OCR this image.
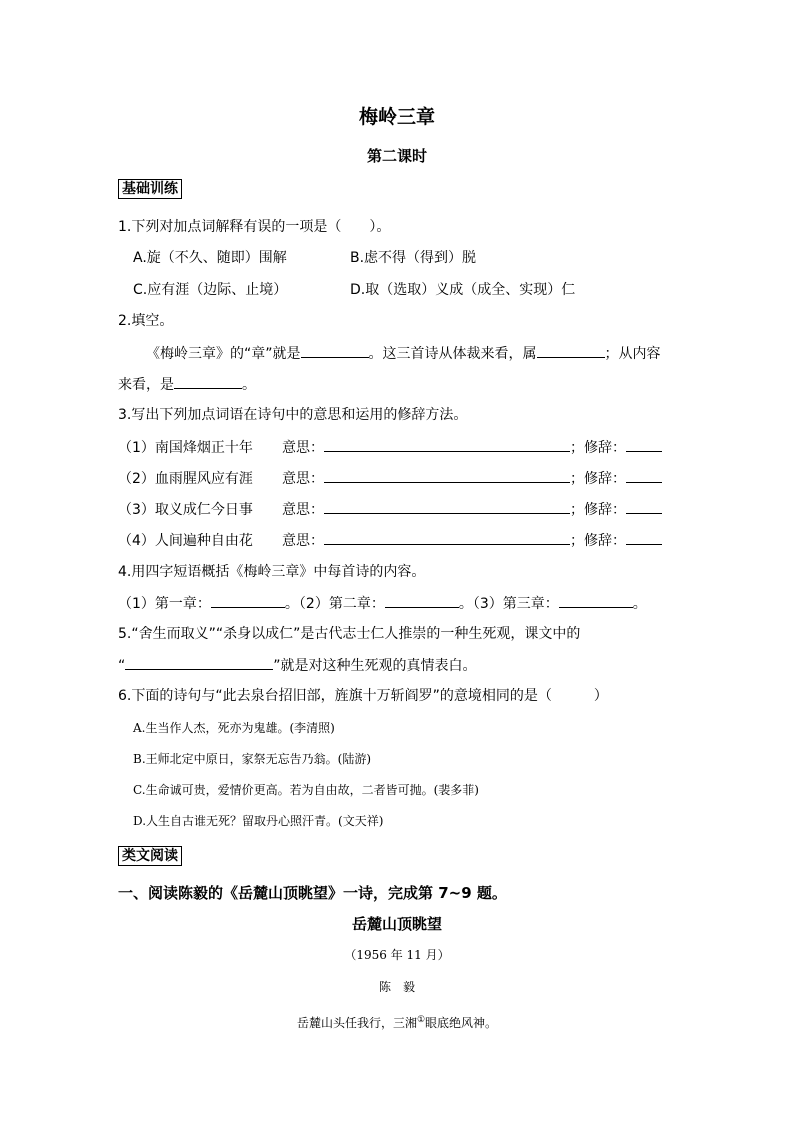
梅岭三章
第二课时
基础训练
1.下列对加点词解释有误的一项是（　　）。
A.旋（不久、随即）围解	B.虑不得（得到）脱
C.应有涯（边际、止境）	D.取（选取）义成（成全、实现）仁
2.填空。
《梅岭三章》的“章”就是	。这三首诗从体裁来看，属	；从内容
来看，是	。
3.写出下列加点词语在诗句中的意思和运用的修辞方法。
（1）南国烽烟正十年 意思：	；修辞：
（2）血雨腥风应有涯 意思：	；修辞：
（3）取义成仁今日事 意思：	；修辞：
（4）人间遍种自由花 意思：	；修辞：
4.用四字短语概括《梅岭三章》中每首诗的内容。
（1）第一章：	。（2）第二章：	。（3）第三章：	。
5.“舍生而取义”“杀身以成仁”是古代志士仁人推崇的一种生死观，课文中的
“	”就是对这种生死观的真情表白。
6.下面的诗句与“此去泉台招旧部，旌旗十万斩阎罗”的意境相同的是（　　　）
A.生当作人杰，死亦为鬼雄。(李清照)
B.王师北定中原日，家祭无忘告乃翁。(陆游)
C.生命诚可贵，爱情价更高。若为自由故，二者皆可抛。(裴多菲)
D.人生自古谁无死？留取丹心照汗青。(文天祥)
类文阅读
一、阅读陈毅的《岳麓山顶眺望》一诗，完成第 7~9 题。
岳麓山顶眺望
（1956 年 11 月）
陈　毅
岳麓山头任我行，三湘①眼底绝风神。
